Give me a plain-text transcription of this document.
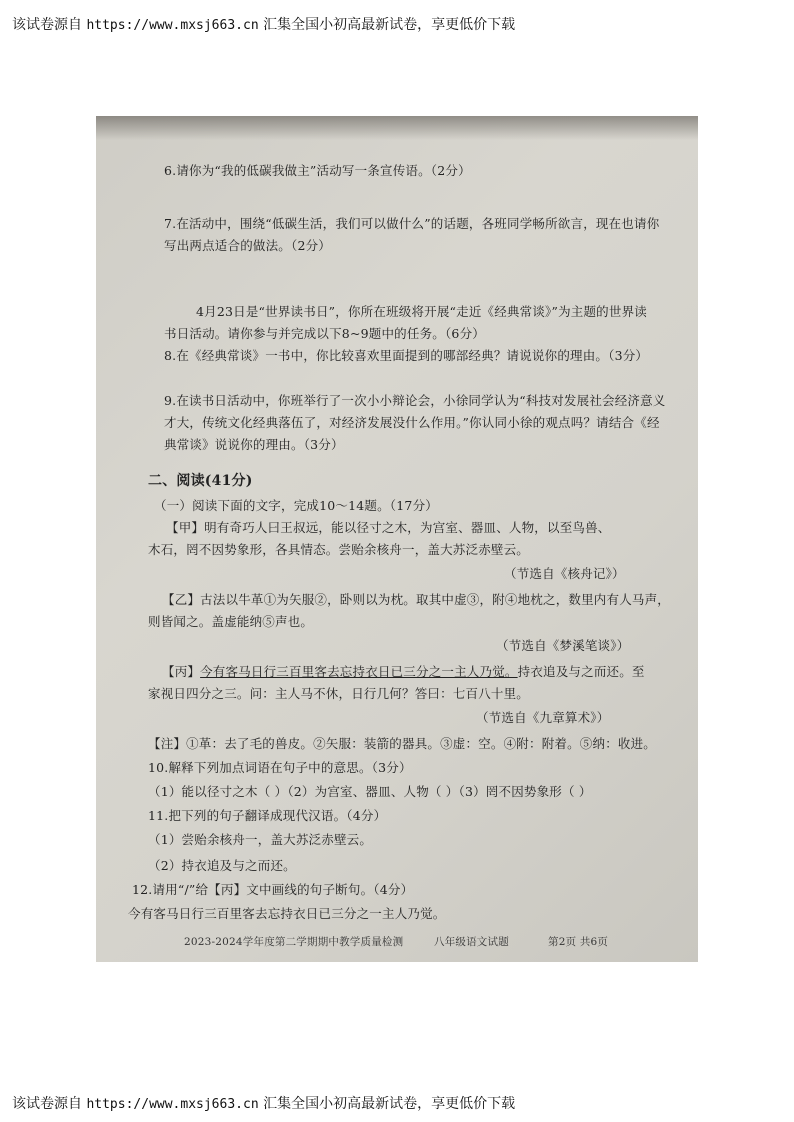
该试卷源自 https://www.mxsj663.cn 汇集全国小初高最新试卷，享更低价下载
6.请你为“我的低碳我做主”活动写一条宣传语。（2分）
7.在活动中，围绕“低碳生活，我们可以做什么”的话题，各班同学畅所欲言，现在也请你
写出两点适合的做法。（2分）
4月23日是“世界读书日”，你所在班级将开展“走近《经典常谈》”为主题的世界读
书日活动。请你参与并完成以下8~9题中的任务。（6分）
8.在《经典常谈》一书中，你比较喜欢里面提到的哪部经典？请说说你的理由。（3分）
9.在读书日活动中，你班举行了一次小小辩论会，小徐同学认为“科技对发展社会经济意义
才大，传统文化经典落伍了，对经济发展没什么作用。”你认同小徐的观点吗？请结合《经
典常谈》说说你的理由。（3分）
二、阅读(41分)
（一）阅读下面的文字，完成10～14题。（17分）
【甲】明有奇巧人曰王叔远，能以径寸之木，为宫室、器皿、人物，以至鸟兽、
木石，罔不因势象形，各具情态。尝贻余核舟一，盖大苏泛赤壁云。
（节选自《核舟记》）
【乙】古法以牛革①为矢服②，卧则以为枕。取其中虚③，附④地枕之，数里内有人马声，
则皆闻之。盖虚能纳⑤声也。
（节选自《梦溪笔谈》）
【丙】今有客马日行三百里客去忘持衣日已三分之一主人乃觉。持衣追及与之而还。至
家视日四分之三。问：主人马不休，日行几何？答曰：七百八十里。
（节选自《九章算术》）
【注】①革：去了毛的兽皮。②矢服：装箭的器具。③虚：空。④附：附着。⑤纳：收进。
10.解释下列加点词语在句子中的意思。（3分）
（1）能以径寸之木（ ）（2）为宫室、器皿、人物（ ）（3）罔不因势象形（ ）
11.把下列的句子翻译成现代汉语。（4分）
（1）尝贻余核舟一，盖大苏泛赤壁云。
（2）持衣追及与之而还。
12.请用“/”给【丙】文中画线的句子断句。（4分）
今有客马日行三百里客去忘持衣日已三分之一主人乃觉。
2023-2024学年度第二学期期中教学质量检测	八年级语文试题	第2页 共6页
该试卷源自 https://www.mxsj663.cn 汇集全国小初高最新试卷，享更低价下载
